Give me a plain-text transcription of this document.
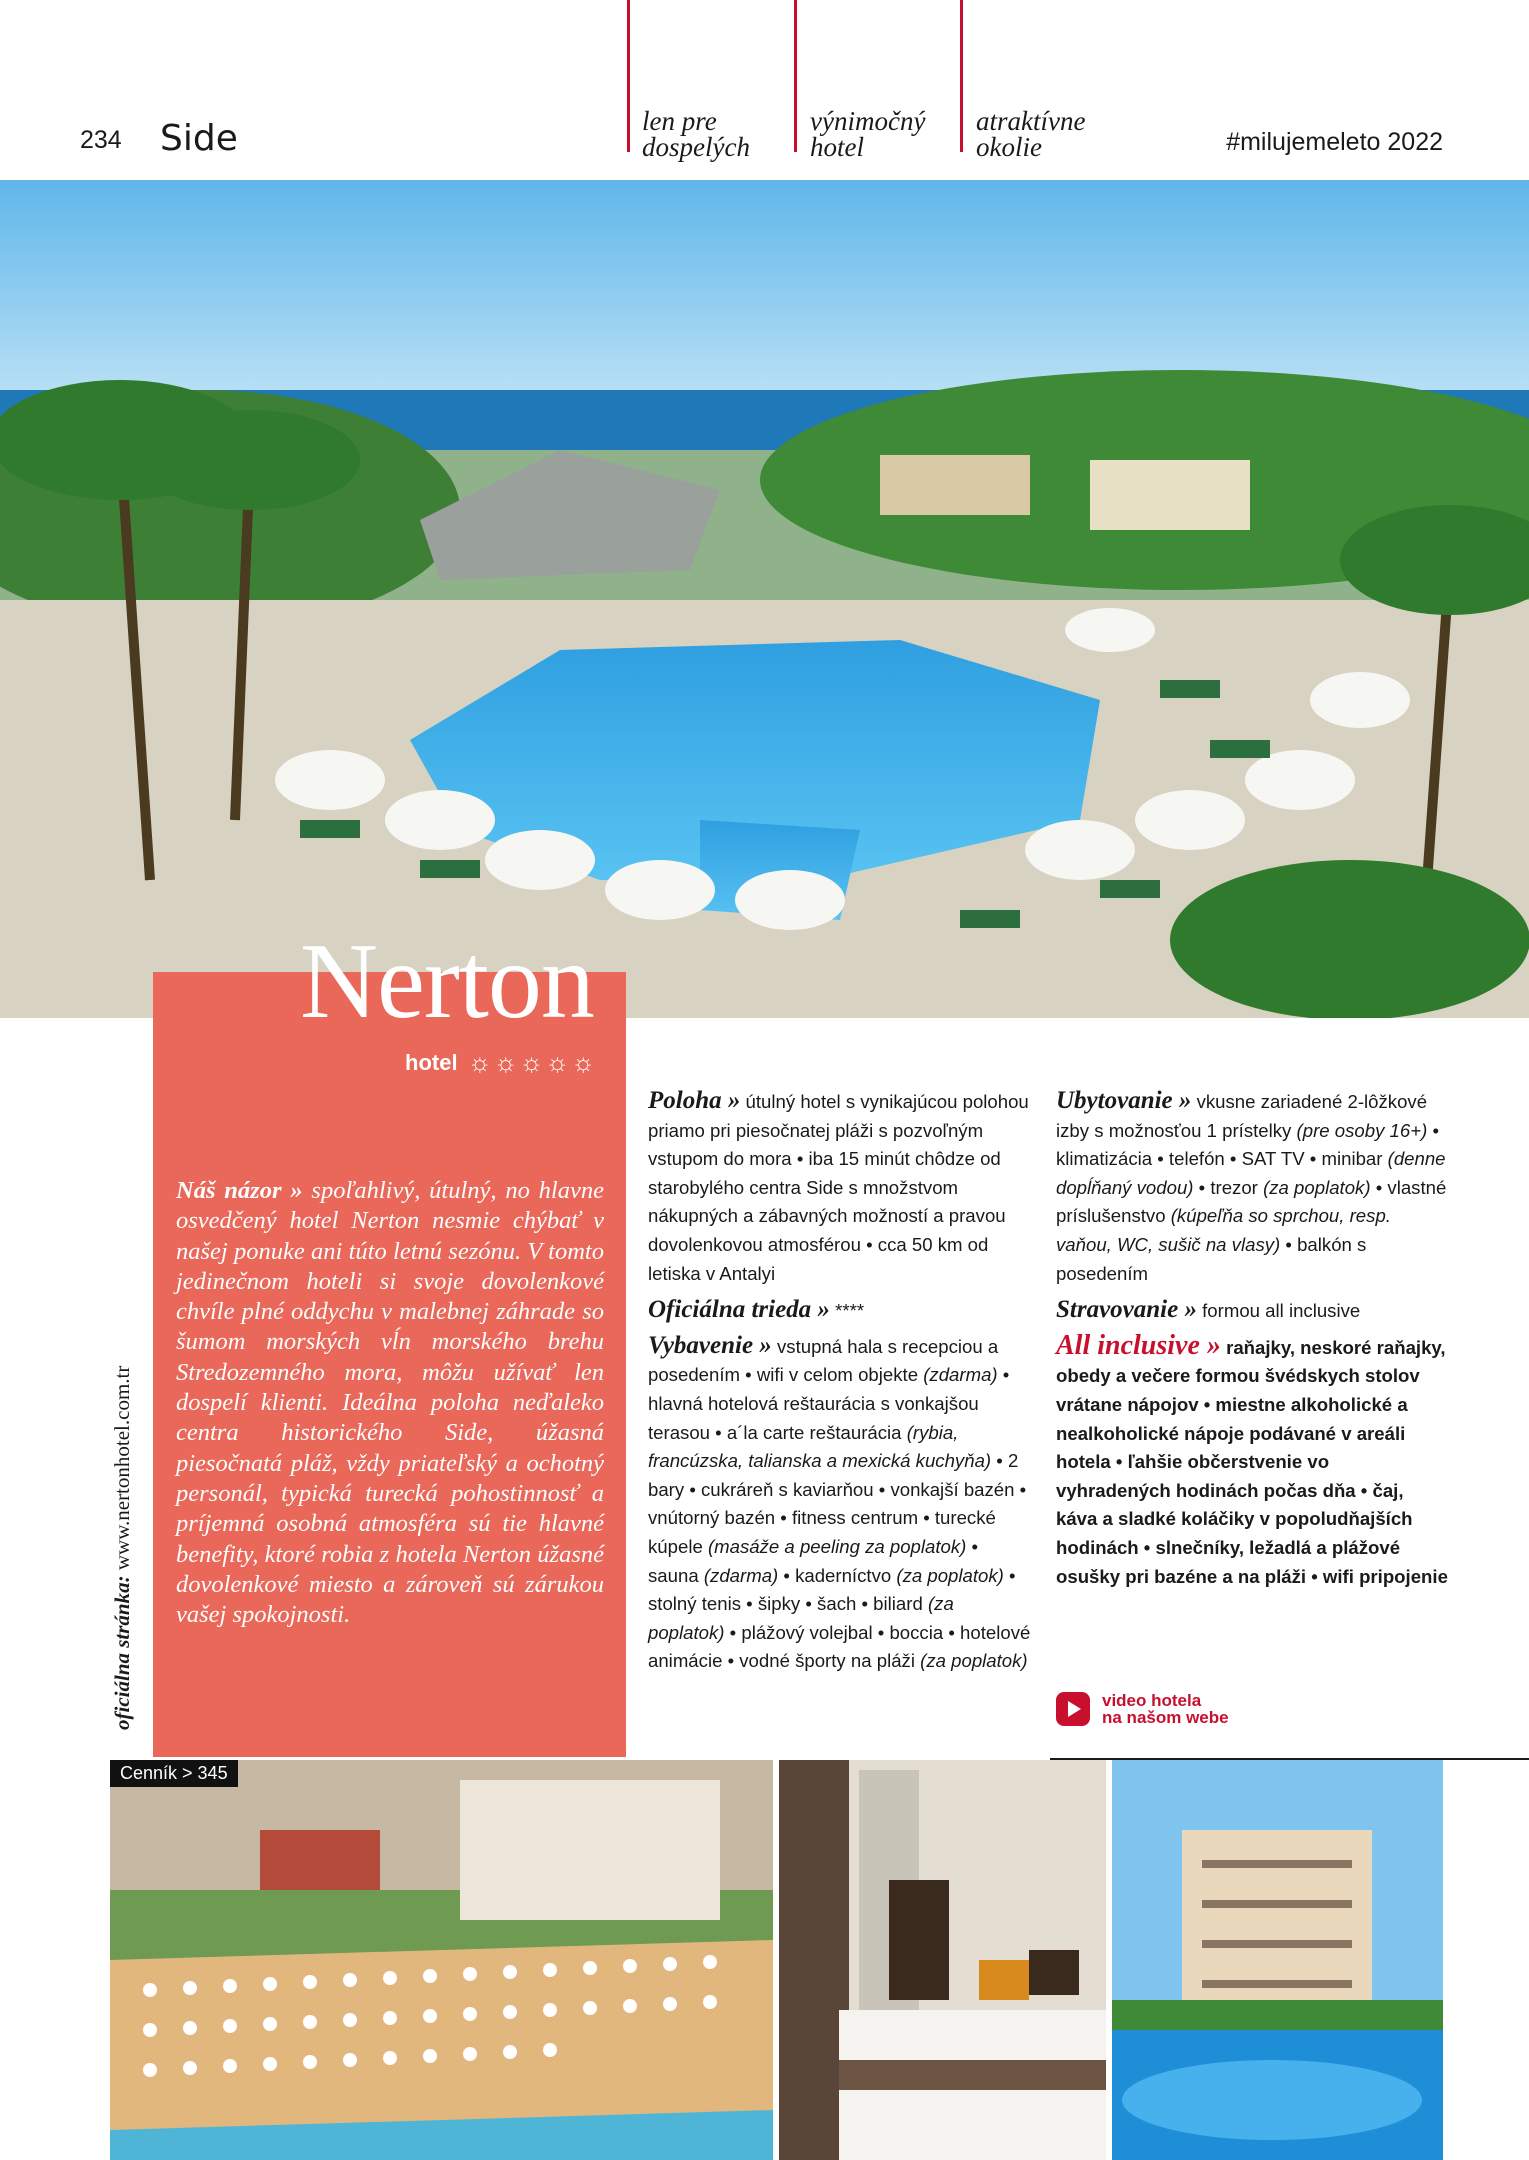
234 Side	len pre
dospelých
výnimočný
hotel
atraktívne
okolie	#milujemeleto 2022
Nerton
hotel ☼ ☼ ☼ ☼ ☼
Náš názor » spoľahlivý, útulný, no hlavne osvedčený hotel Nerton nesmie chýbať v našej ponuke ani túto letnú sezónu. V tomto jedinečnom hoteli si svoje dovolenkové chvíle plné oddychu v malebnej záhrade so šumom morských vĺn morského brehu Stredozemného mora, môžu užívať len dospelí klienti. Ideálna poloha neďaleko centra historického Side, úžasná piesočnatá pláž, vždy priateľský a ochotný personál, typická turecká pohostinnosť a príjemná osobná atmosféra sú tie hlavné benefity, ktoré robia z hotela Nerton úžasné dovolenkové miesto a zároveň sú zárukou vašej spokojnosti.
oficiálna stránka: www.nertonhotel.com.tr
Poloha » útulný hotel s vynikajúcou polohou priamo pri piesočnatej pláži s pozvoľným vstupom do mora • iba 15 minút chôdze od starobylého centra Side s množstvom nákupných a zábavných možností a pravou dovolenkovou atmosférou • cca 50 km od letiska v Antalyi
Oficiálna trieda » ****
Vybavenie » vstupná hala s recepciou a posedením • wifi v celom objekte (zdarma) • hlavná hotelová reštaurácia s vonkajšou terasou • a´la carte reštaurácia (rybia, francúzska, talianska a mexická kuchyňa) • 2 bary • cukráreň s kaviarňou • vonkajší bazén • vnútorný bazén • fitness centrum • turecké kúpele (masáže a peeling za poplatok) • sauna (zdarma) • kaderníctvo (za poplatok) • stolný tenis • šipky • šach • biliard (za poplatok) • plážový volejbal • boccia • hotelové animácie • vodné športy na pláži (za poplatok)
Ubytovanie » vkusne zariadené 2-lôžkové izby s možnosťou 1 prístelky (pre osoby 16+) • klimatizácia • telefón • SAT TV • minibar (denne dopĺňaný vodou) • trezor (za poplatok) • vlastné príslušenstvo (kúpeľňa so sprchou, resp. vaňou, WC, sušič na vlasy) • balkón s posedením
Stravovanie » formou all inclusive
All inclusive » raňajky, neskoré raňajky, obedy a večere formou švédskych stolov vrátane nápojov • miestne alkoholické a nealkoholické nápoje podávané v areáli hotela • ľahšie občerstvenie vo vyhradených hodinách počas dňa • čaj, káva a sladké koláčiky v popoludňajších hodinách • slnečníky, ležadlá a plážové osušky pri bazéne a na pláži • wifi pripojenie
video hotela
na našom webe
Cenník > 345
